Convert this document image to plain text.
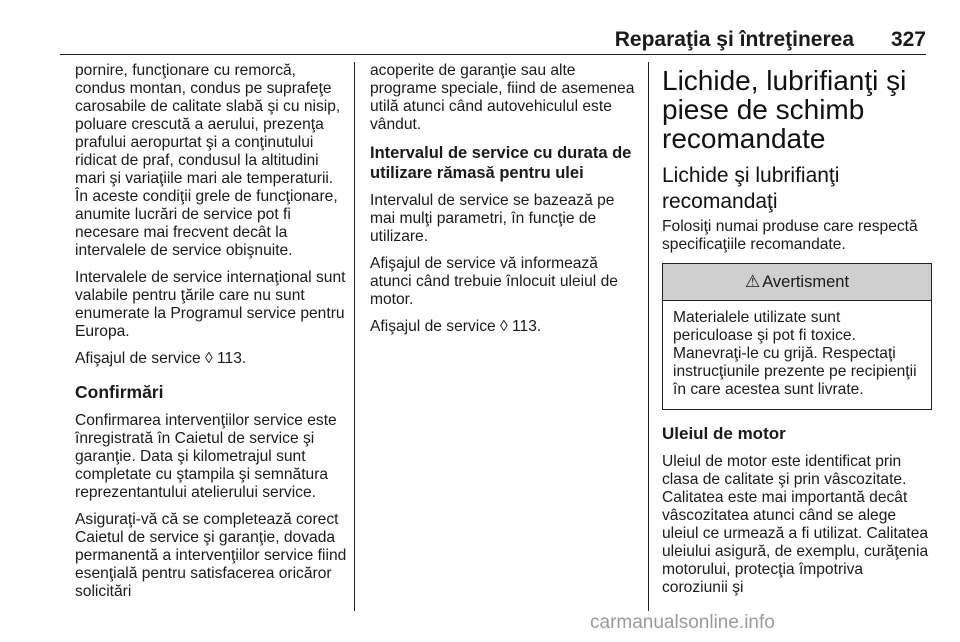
Reparaţia şi întreţinerea 327

pornire, funcţionare cu remorcă, condus montan, condus pe suprafeţe carosabile de calitate slabă şi cu nisip, poluare crescută a aerului, prezenţa prafului aeropurtat şi a conţinutului ridicat de praf, condusul la altitudini mari şi variaţiile mari ale temperaturii. În aceste condiţii grele de funcţionare, anumite lucrări de service pot fi necesare mai frecvent decât la intervalele de service obişnuite.

Intervalele de service internaţional sunt valabile pentru ţările care nu sunt enumerate la Programul service pentru Europa.

Afişajul de service ◊ 113.

Confirmări

Confirmarea intervenţiilor service este înregistrată în Caietul de service şi garanţie. Data şi kilometrajul sunt completate cu ştampila şi semnătura reprezentantului atelierului service.

Asiguraţi-vă că se completează corect Caietul de service şi garanţie, dovada permanentă a intervenţiilor service fiind esenţială pentru satisfacerea oricăror solicitări

acoperite de garanţie sau alte programe speciale, fiind de asemenea utilă atunci când autovehiculul este vândut.

Intervalul de service cu durata de utilizare rămasă pentru ulei

Intervalul de service se bazează pe mai mulţi parametri, în funcţie de utilizare.

Afişajul de service vă informează atunci când trebuie înlocuit uleiul de motor.

Afişajul de service ◊ 113.

Lichide, lubrifianţi şi piese de schimb recomandate
Lichide şi lubrifianţi recomandaţi

Folosiţi numai produse care respectă specificaţiile recomandate.

⚠ Avertisment
Materialele utilizate sunt periculoase şi pot fi toxice. Manevraţi-le cu grijă. Respectaţi instrucţiunile prezente pe recipienţii în care acestea sunt livrate.
Uleiul de motor

Uleiul de motor este identificat prin clasa de calitate şi prin vâscozitate. Calitatea este mai importantă decât vâscozitatea atunci când se alege uleiul ce urmează a fi utilizat. Calitatea uleiului asigură, de exemplu, curăţenia motorului, protecţia împotriva coroziunii şi

carmanualsonline.info
